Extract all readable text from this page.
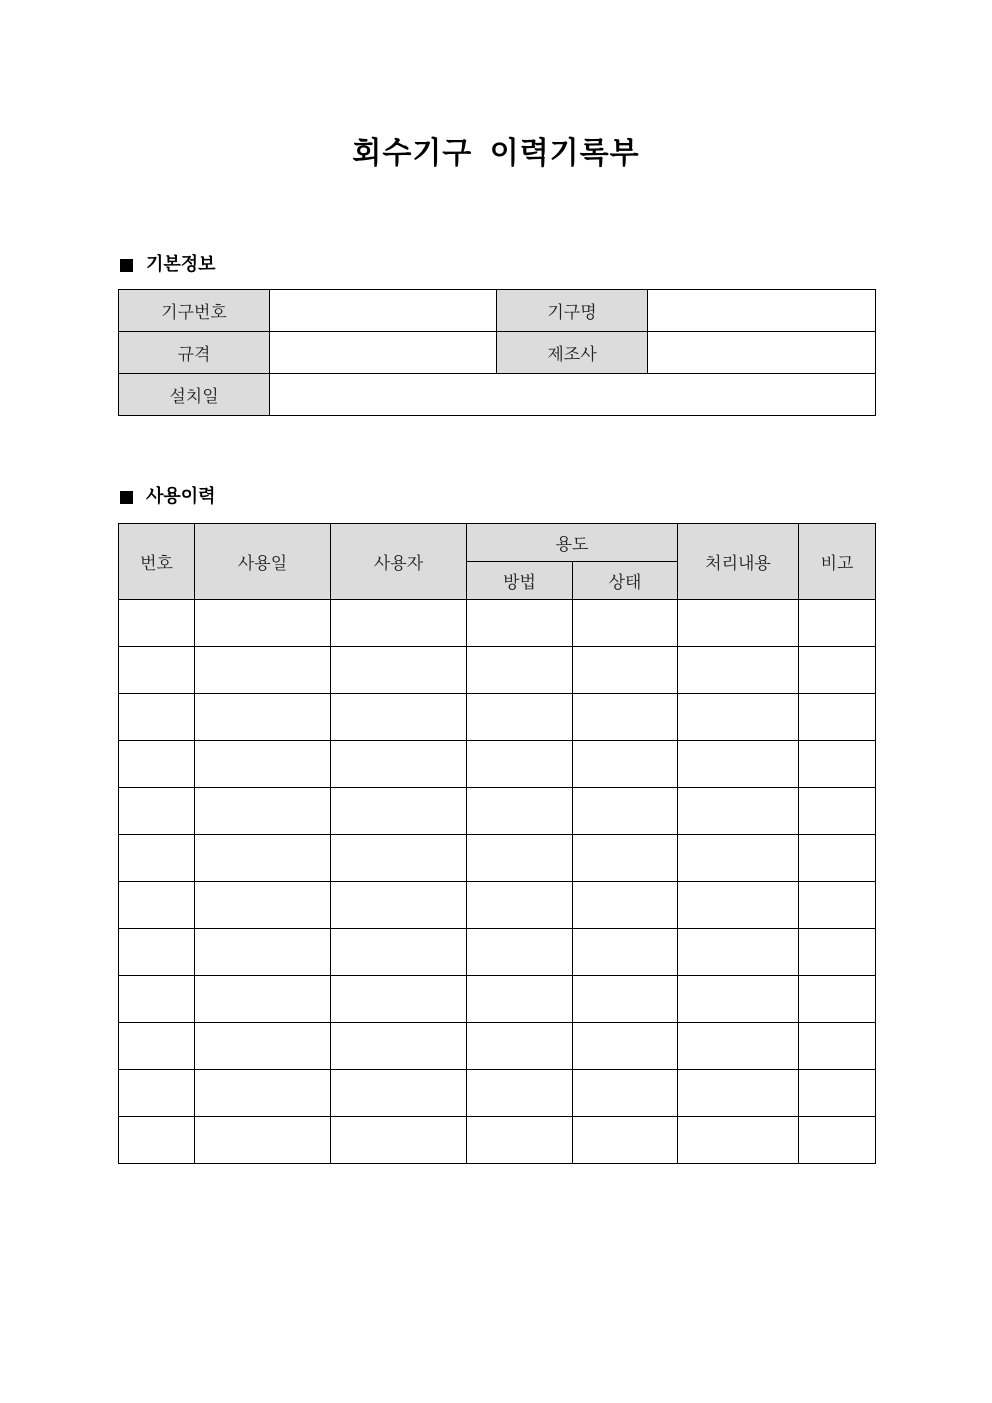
회수기구 이력기록부
기본정보
기구번호		기구명	
규격		제조사	
설치일			
사용이력
번호	사용일	사용자	용도		처리내용	비고
			방법	상태		
